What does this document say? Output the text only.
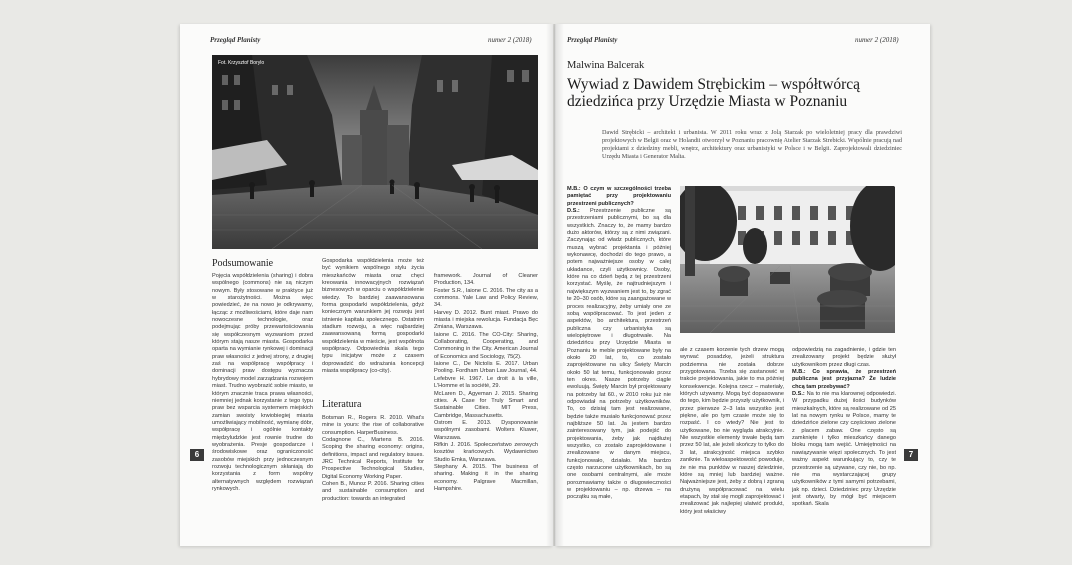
Przegląd Planisty	numer 2 (2018)
Fot. Krzysztof Borylo
Podsumowanie

Pojęcia współdzielenia (sharing) i dobra wspólnego (commons) nie są niczym nowym. Były stosowane w praktyce już w starożytności. Można więc powiedzieć, że na nowo je odkrywamy, łącząc z możliwościami, które daje nam nowoczesne technologie, oraz podejmując próby przewartościowania się współczesnym wyzwaniom przed którym stają nasze miasta. Gospodarka oparta na wymianie rynkowej i dominacji praw własności z jednej strony, z drugiej zaś na współpracę współpracy i dominacji praw dostępu wyznacza hybrydowy model zarządzania rozwojem miast. Trudno wyobrazić sobie miasto, w którym znacznie traca prawa własności, niemniej jednak korzystanie z tego typu praw bez wsparcia systemem miejskich zamian swoisty krwiobiegiej miasta umożliwiający mobilność, wymianę dóbr, współpracę i ogólnie kontakty międzyludzkie jest rownie trudne do wyobrażenia. Presje gospodarcze i środowiskowe oraz ograniczoność zasobów miejskich przy jednoczesnym rozwoju technologicznym skłaniają do korzystania z form wspólny alternatywnych względem rozwiązań rynkowych.

Gospodarka współdzielenia może też być wynikiem wspólnego stylu życia mieszkańców miasta oraz chęci kreowania innowacyjnych rozwiązań biznesowych w oparciu o współdzielenie wiedzy. To bardziej zaawansowana forma gospodarki współdzielenia, gdyż koniecznym warunkiem jej rozwoju jest istnienie kapitału społecznego. Ostatnim stadium rozwoju, a więc najbardziej zaawansowaną formą gospodarki współdzielenia w mieście, jest wspólnota współpracy. Odpowiednia skala tego typu inicjatyw może z czasem doprowadzić do wdrażania koncepcji miasta współpracy (co-city).

Literatura

Botsman R., Rogers R. 2010. What's mine is yours: the rise of collaborative consumption. HarperBusiness.

Codagnone C., Martens B. 2016. Scoping the sharing economy: origins, definitions, impact and regulatory issues. JRC Technical Reports, Institute for Prospective Technological Studies, Digital Economy Working Paper.

Cohen B., Munoz P. 2016. Sharing cities and sustainable consumption and production: towards an integrated

framework. Journal of Cleaner Production, 134.

Foster S.R., Iaione C. 2016. The city as a commons. Yale Law and Policy Review, 34.

Harvey D. 2012. Bunt miast. Prawo do miasta i miejska rewolucja. Fundacja Bęc Zmiana, Warszawa.

Iaione C. 2016. The CO-City: Sharing, Collaborating, Cooperating, and Commoning in the City. American Journal of Economics and Sociology, 75(2).

Iaione C., De Nictolis E. 2017. Urban Pooling. Fordham Urban Law Journal, 44.

Lefebvre H. 1967. Le droit à la ville, L'Homme et la société, 29.

McLaren D., Agyeman J. 2015. Sharing cities. A Case for Truly Smart and Sustainable Cities. MIT Press, Cambridge, Massachusetts.

Ostrom E. 2013. Dysponowanie wspólnymi zasobami. Wolters Kluwer, Warszawa.

Rifkin J. 2016. Społeczeństwo zerowych kosztów krańcowych. Wydawnictwo Studio Emka, Warszawa.

Stephany A. 2015. The business of sharing. Making it in the sharing economy. Palgrave Macmillan, Hampshire.

6
Przegląd Planisty	numer 2 (2018)
Malwina Balcerak
Wywiad z Dawidem Strębickim – współtwórcą dziedzińca przy Urzędzie Miasta w Poznaniu
Dawid Strębicki – architekt i urbanista. W 2011 roku wraz z Jolą Starzak po wieloletniej pracy dla prawdziwi projektowych w Belgii oraz w Holandii otworzył w Poznaniu pracownię Atelier Starzak Strebicki. Wspólnie pracują nad projektami z dziedziny mebli, wnętrz, architektury oraz urbanistyki w Polsce i w Belgii. Zaprojektowali dziedziniec Urzędu Miasta i Generator Malta.

M.B.: O czym w szczególności trzeba pamiętać przy projektowaniu przestrzeni publicznych?

D.S.: Przestrzenie publiczne są przestrzeniami publicznymi, bo są dla wszystkich. Znaczy to, że mamy bardzo dużo aktorów, którzy są z nimi związani. Zaczynając od władz publicznych, które muszą wybrać projektanta i później wykonawcę, dochodzi do tego prawo, a potem najważniejsze osoby w całej układance, czyli użytkownicy. Osoby, które na co dzień będą z tej przestrzeni korzystać. Myślę, że najtrudniejszym i największym wyzwaniem jest to, by zgrać te 20–30 osób, które są zaangażowane w proces realizacyjny, żeby umiały one ze sobą współpracować. To jest jeden z aspektów, bo architektura, przestrzeń publiczna czy urbanistyka są wielopiętrowe i długotrwałe. Na dziedzińcu przy Urzędzie Miasta w Poznaniu te meble projektowane były na około 20 lat, to, co zostało zaprojektowane na ulicy Święty Marcin około 50 lat temu, funkcjonowało przez ten okres. Nasze potrzeby ciągle ewoluują. Święty Marcin był projektowany na potrzeby lat 60., w 2010 roku już nie odpowiadał na potrzeby użytkowników. To, co dzisiaj tam jest realizowane, będzie także musiało funkcjonować przez najbliższe 50 lat. Ja jestem bardzo zainteresowany tym, jak podejść do projektowania, żeby jak najdłużej wszystko, co zostało zaprojektowane i zrealizowane w danym miejscu, funkcjonowało, działało. Ma bardzo często narzucone użytkownikach, bo są one osobami centralnymi, ale może porozmawiamy także o długowieczności w projektowaniu – np. drzewa – na początku są małe,

ale z czasem korzenie tych drzew mogą wyrwać posadzkę, jeżeli struktura podziemna nie została dobrze przygotowana. Trzeba się zastanowić w trakcie projektowania, jakie to ma później konsekwencje. Kolejna rzecz – materiały, których używamy. Mogą być dopasowane do tego, kim będzie przyszły użytkownik, i przez pierwsze 2–3 lata wszystko jest piękne, ale po tym czasie może się to rozpaść. I co wtedy? Nie jest to użytkowane, bo nie wygląda atrakcyjnie. Nie wszystkie elementy trwałe będą tam przez 50 lat, ale jeżeli skończy to tylko do 3 lat, atrakcyjność miejsca szybko zaniknie. Ta wieloaspektowość powoduje, że nie ma punktów w naszej dziedzinie, które są mniej lub bardziej ważne. Najważniejsze jest, żeby z dobrą i zgraną drużyną współpracować na wielu etapach, by stał się mogli zaprojektować i zrealizować jak najlepiej ułatwić produkt, który jest właściwy

odpowiedzią na zagadnienie, i gdzie ten zrealizowany projekt będzie służył użytkownikom przez długi czas.

M.B.: Co sprawia, że przestrzeń publiczna jest przyjazna? Że ludzie chcą tam przebywać?

D.S.: Na to nie ma klarownej odpowiedzi. W przypadku dużej ilości budynków mieszkalnych, które są realizowane od 25 lat na nowym rynku w Polsce, mamy te dziedzińce zielone czy częściowo zielone z placem zabaw. One często są zamknięte i tylko mieszkańcy danego bloku mogą tam wejść. Umiejętności na nawiązywanie więzi społecznych. To jest ważny aspekt warunkujący to, czy te przestrzenie są używane, czy nie, bo np. nie ma wystarczającej grupy użytkowników z tymi samymi potrzebami, jak np. dzieci. Dziedziniec przy Urzędzie jest otwarty, by mógł być miejscem spotkań. Skala

7
